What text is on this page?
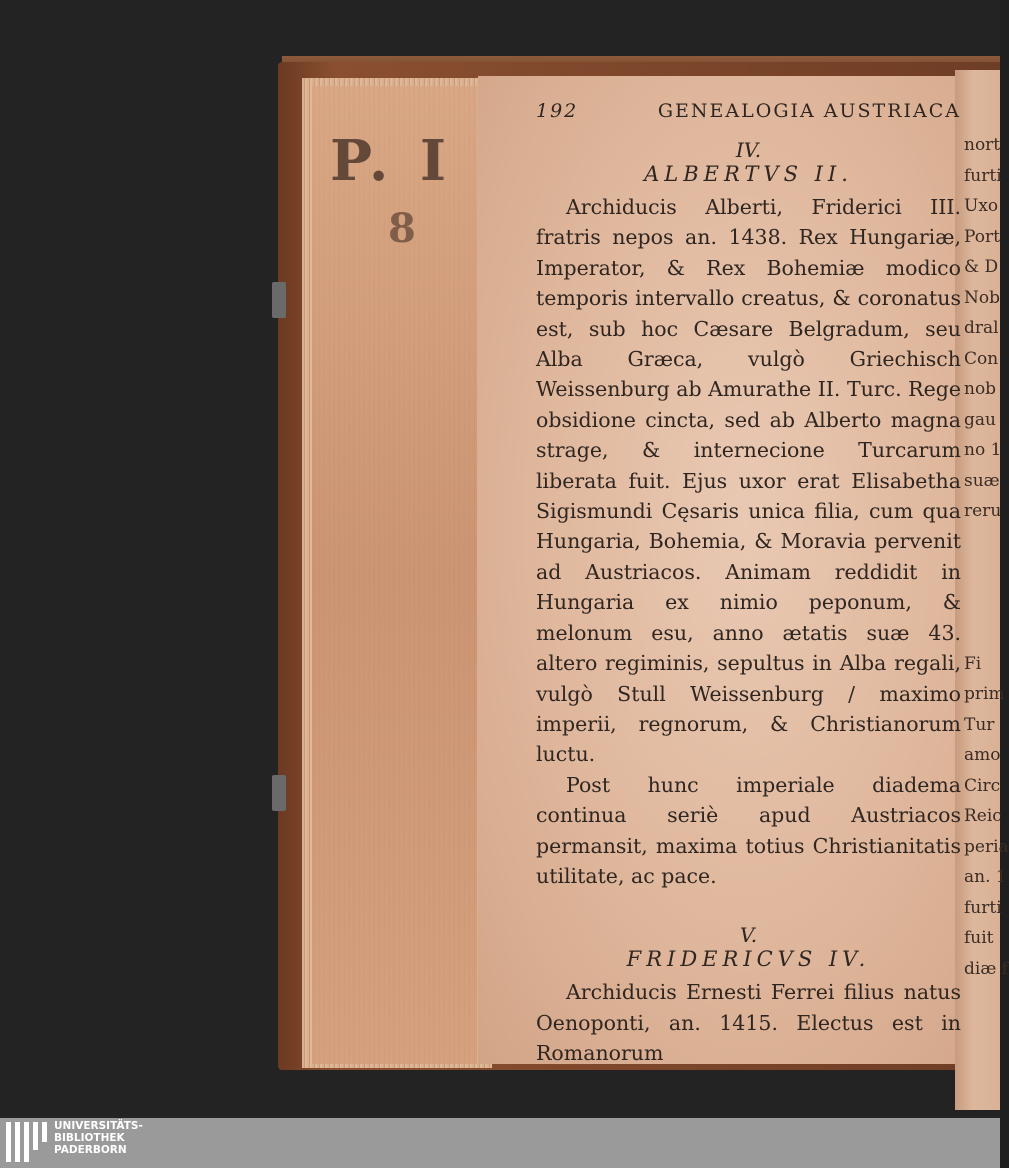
P. I
8
nort
furti
Uxo
Port
& D
Nob
dral
Con
nob
gau
no 1
suæ
reru

Fi
prim
Tur
amo
Circ
Reic
peria
an. 1
furti
fuit
diæ f
192	GENEALOGIA AUSTRIACA
IV.
ALBERTVS II.

Archiducis Alberti, Friderici III. fratris nepos an. 1438. Rex Hungariæ, Imperator, & Rex Bohemiæ modico temporis intervallo creatus, & coronatus est, sub hoc Cæsare Belgradum, seu Alba Græca, vulgò Griechisch Weissenburg ab Amurathe II. Turc. Rege obsidione cincta, sed ab Alberto magna strage, & internecione Turcarum liberata fuit. Ejus uxor erat Elisabetha Sigismundi Cęsaris unica filia, cum qua Hungaria, Bohemia, & Moravia pervenit ad Austriacos. Animam reddidit in Hungaria ex nimio peponum, & melonum esu, anno ætatis suæ 43. altero regiminis, sepultus in Alba regali, vulgò Stull Weissenburg / maximo imperii, regnorum, & Christianorum luctu.

Post hunc imperiale diadema continua seriè apud Austriacos permansit, maxima totius Christianitatis utilitate, ac pace.

V.
FRIDERICVS IV.

Archiducis Ernesti Ferrei filius natus Oenoponti, an. 1415. Electus est in Romanorum

UNIVERSITÄTS-
BIBLIOTHEK
PADERBORN
